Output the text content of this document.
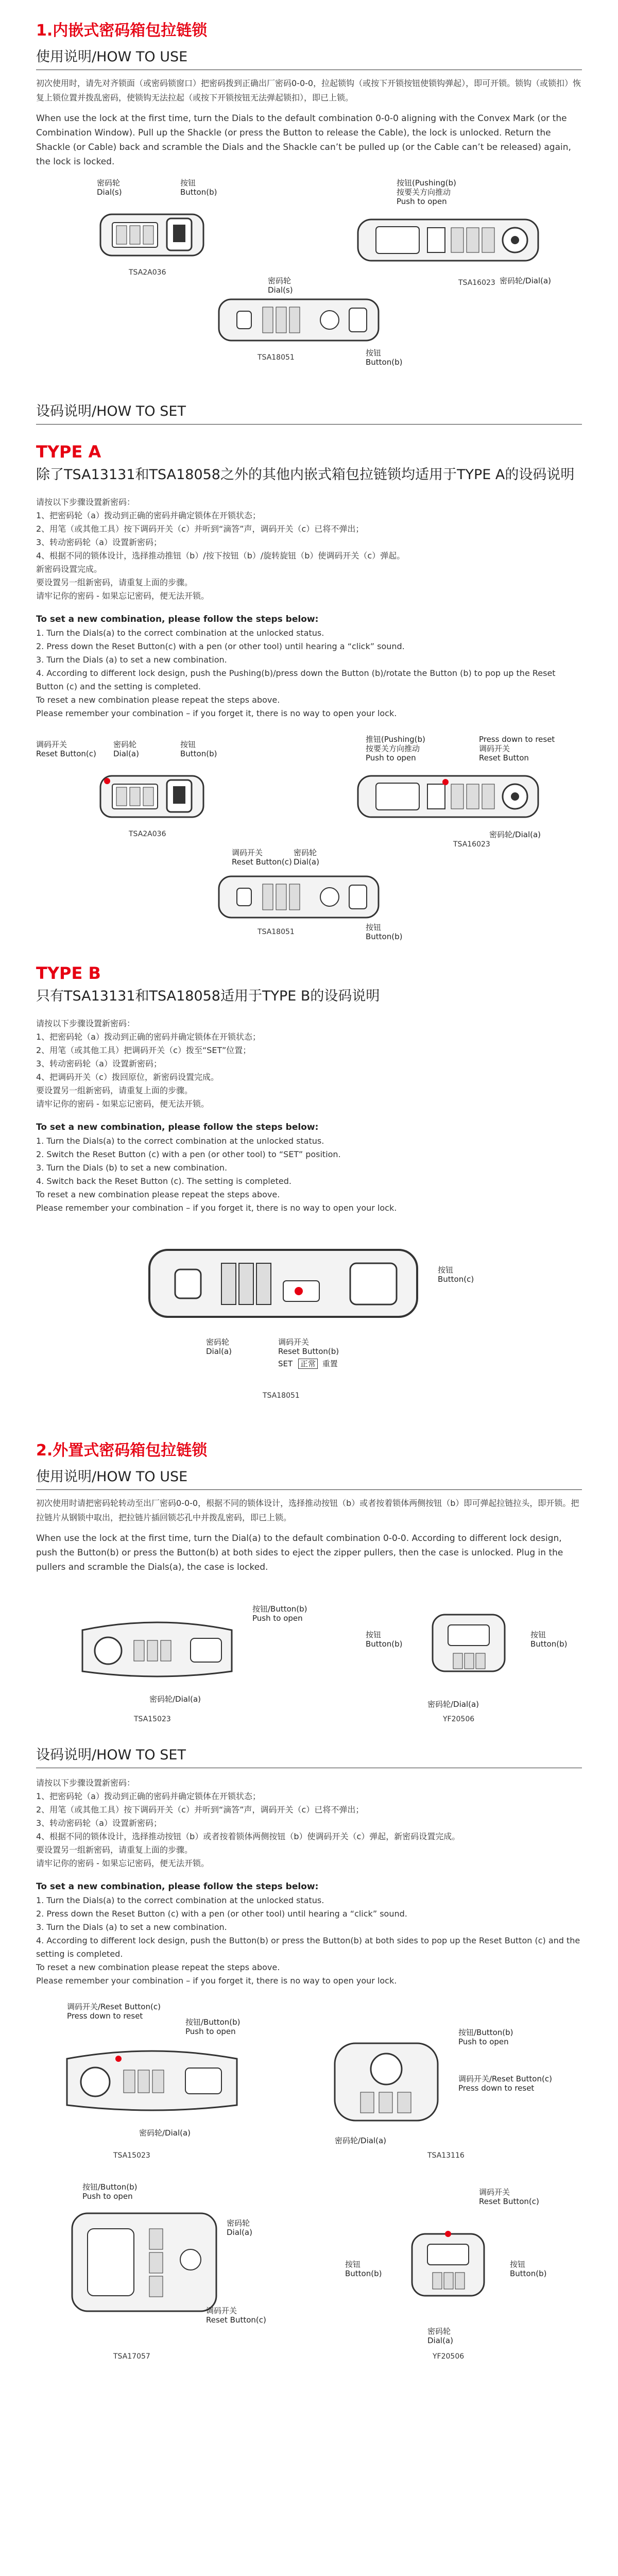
1.内嵌式密码箱包拉链锁
使用说明/HOW TO USE

初次使用时，请先对齐锁面（或密码锁窗口）把密码拨到正确出厂密码0-0-0，拉起锁钩（或按下开锁按钮使锁钩弹起），即可开锁。锁钩（或锁扣）恢复上锁位置并拨乱密码，使锁钩无法拉起（或按下开锁按钮无法弹起锁扣），即已上锁。

When use the lock at the first time, turn the Dials to the default combination 0-0-0 aligning with the Convex Mark (or the Combination Window). Pull up the Shackle (or press the Button to release the Cable), the lock is unlocked. Return the Shackle (or Cable) back and scramble the Dials and the Shackle can’t be pulled up (or the Cable can’t be released) again, the lock is locked.

密码轮
Dial(s)
按钮
Button(b)
TSA2A036
按钮(Pushing(b)
按要关方向推动
Push to open
密码轮/Dial(a)
TSA16023
密码轮
Dial(s)
按钮
Button(b)
TSA18051
设码说明/HOW TO SET
TYPE A
除了TSA13131和TSA18058之外的其他内嵌式箱包拉链锁均适用于TYPE A的设码说明

请按以下步骤设置新密码：

1、把密码轮（a）拨动到正确的密码并确定锁体在开锁状态；

2、用笔（或其他工具）按下调码开关（c）并听到“滴答”声，调码开关（c）已将不弹出；

3、转动密码轮（a）设置新密码；

4、根据不同的锁体设计，选择推动推钮（b）/按下按钮（b）/旋转旋钮（b）使调码开关（c）弹起。

新密码设置完成。

要设置另一组新密码，请重复上面的步骤。

请牢记你的密码 - 如果忘记密码，便无法开锁。

To set a new combination, please follow the steps below:

1. Turn the Dials(a) to the correct combination at the unlocked status.

2. Press down the Reset Button(c) with a pen (or other tool) until hearing a “click” sound.

3. Turn the Dials (a) to set a new combination.

4. According to different lock design, push the Pushing(b)/press down the Button (b)/rotate the Button (b) to pop up the Reset Button (c) and the setting is completed.

To reset a new combination please repeat the steps above.

Please remember your combination – if you forget it, there is no way to open your lock.

调码开关
Reset Button(c)
密码轮
Dial(a)
按钮
Button(b)
TSA2A036
推钮(Pushing(b)
按要关方向推动
Push to open
Press down to reset
调码开关
Reset Button
密码轮/Dial(a)
TSA16023
调码开关
Reset Button(c)
密码轮
Dial(a)
按钮
Button(b)
TSA18051
TYPE B
只有TSA13131和TSA18058适用于TYPE B的设码说明

请按以下步骤设置新密码：

1、把密码轮（a）拨动到正确的密码并确定锁体在开锁状态；

2、用笔（或其他工具）把调码开关（c）拨至“SET”位置；

3、转动密码轮（a）设置新密码；

4、把调码开关（c）拨回原位，新密码设置完成。

要设置另一组新密码，请重复上面的步骤。

请牢记你的密码 - 如果忘记密码，便无法开锁。

To set a new combination, please follow the steps below:

1. Turn the Dials(a) to the correct combination at the unlocked status.

2. Switch the Reset Button (c) with a pen (or other tool) to “SET” position.

3. Turn the Dials (b) to set a new combination.

4. Switch back the Reset Button (c). The setting is completed.

To reset a new combination please repeat the steps above.

Please remember your combination – if you forget it, there is no way to open your lock.

按钮
Button(c)
密码轮
Dial(a)
调码开关
Reset Button(b)
SET 正常 重置
TSA18051
2.外置式密码箱包拉链锁
使用说明/HOW TO USE

初次使用时请把密码轮转动至出厂密码0-0-0，根据不同的锁体设计，选择推动按钮（b）或者按着锁体两侧按钮（b）即可弹起拉链拉头，即开锁。把拉链片从钢锁中取出，把拉链片插回锁芯孔中并拨乱密码，即已上锁。

When use the lock at the first time, turn the Dial(a) to the default combination 0-0-0. According to different lock design, push the Button(b) or press the Button(b) at both sides to eject the zipper pullers, then the case is unlocked. Plug in the pullers and scramble the Dials(a), the case is locked.

按钮/Button(b)
Push to open
密码轮/Dial(a)
TSA15023
按钮
Button(b)
按钮
Button(b)
密码轮/Dial(a)
YF20506
设码说明/HOW TO SET

请按以下步骤设置新密码：

1、把密码轮（a）拨动到正确的密码并确定锁体在开锁状态；

2、用笔（或其他工具）按下调码开关（c）并听到“滴答”声，调码开关（c）已将不弹出；

3、转动密码轮（a）设置新密码；

4、根据不同的锁体设计，选择推动按钮（b）或者按着锁体两侧按钮（b）使调码开关（c）弹起，新密码设置完成。

要设置另一组新密码，请重复上面的步骤。

请牢记你的密码 - 如果忘记密码，便无法开锁。

To set a new combination, please follow the steps below:

1. Turn the Dials(a) to the correct combination at the unlocked status.

2. Press down the Reset Button (c) with a pen (or other tool) until hearing a “click” sound.

3. Turn the Dials (a) to set a new combination.

4. According to different lock design, push the Button(b) or press the Button(b) at both sides to pop up the Reset Button (c) and the setting is completed.

To reset a new combination please repeat the steps above.

Please remember your combination – if you forget it, there is no way to open your lock.

调码开关/Reset Button(c)
Press down to reset
按钮/Button(b)
Push to open
密码轮/Dial(a)
TSA15023
按钮/Button(b)
Push to open
调码开关/Reset Button(c)
Press down to reset
密码轮/Dial(a)
TSA13116
按钮/Button(b)
Push to open
密码轮
Dial(a)
调码开关
Reset Button(c)
TSA17057
调码开关
Reset Button(c)
按钮
Button(b)
按钮
Button(b)
密码轮
Dial(a)
YF20506
